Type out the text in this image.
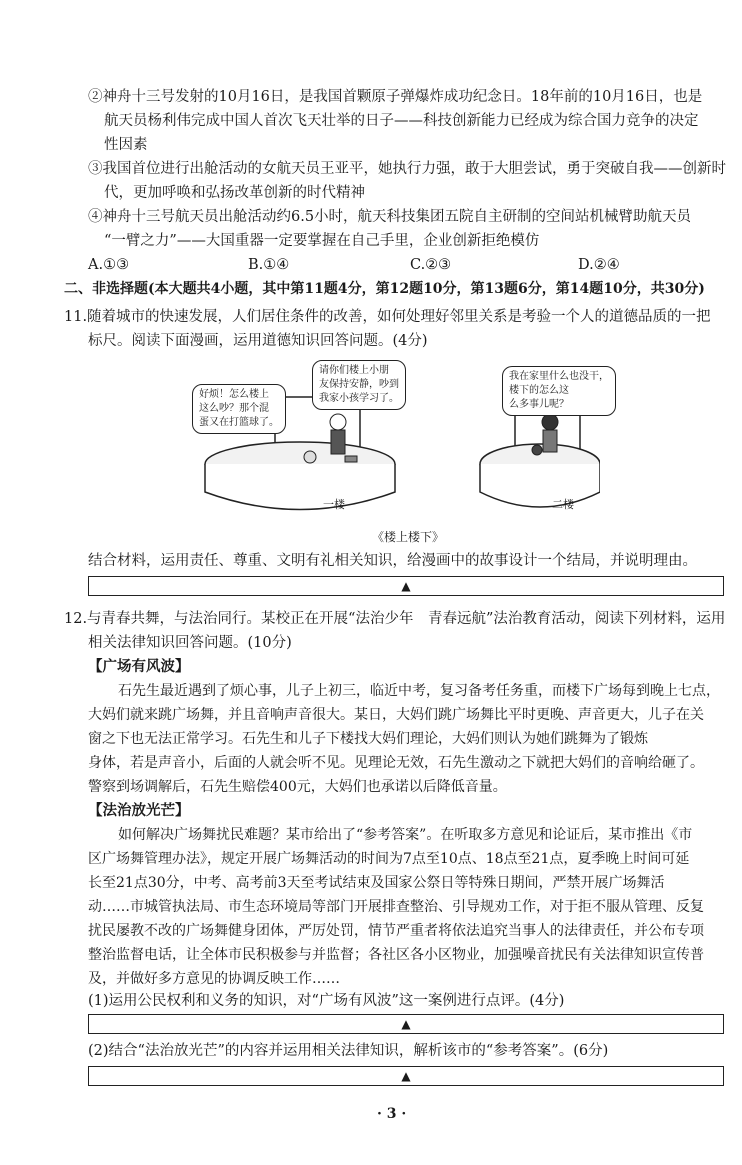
②神舟十三号发射的10月16日，是我国首颗原子弹爆炸成功纪念日。18年前的10月16日，也是
航天员杨利伟完成中国人首次飞天壮举的日子——科技创新能力已经成为综合国力竞争的决定
性因素
③我国首位进行出舱活动的女航天员王亚平，她执行力强，敢于大胆尝试，勇于突破自我——创新时
代，更加呼唤和弘扬改革创新的时代精神
④神舟十三号航天员出舱活动约6.5小时，航天科技集团五院自主研制的空间站机械臂助航天员
“一臂之力”——大国重器一定要掌握在自己手里，企业创新拒绝模仿
A.①③	B.①④	C.②③	D.②④
二、非选择题(本大题共4小题，其中第11题4分，第12题10分，第13题6分，第14题10分，共30分)
11.随着城市的快速发展，人们居住条件的改善，如何处理好邻里关系是考验一个人的道德品质的一把
标尺。阅读下面漫画，运用道德知识回答问题。(4分)
好烦！怎么楼上
这么吵？那个混
蛋又在打篮球了。
请你们楼上小朋
友保持安静，吵到
我家小孩学习了。
我在家里什么也没干，
楼下的怎么这
么多事儿呢？
一楼	二楼
《楼上楼下》
结合材料，运用责任、尊重、文明有礼相关知识，给漫画中的故事设计一个结局，并说明理由。
▲
12.与青春共舞，与法治同行。某校正在开展“法治少年　青春远航”法治教育活动，阅读下列材料，运用
相关法律知识回答问题。(10分)
【广场有风波】
石先生最近遇到了烦心事，儿子上初三，临近中考，复习备考任务重，而楼下广场每到晚上七点，
大妈们就来跳广场舞，并且音响声音很大。某日，大妈们跳广场舞比平时更晚、声音更大，儿子在关
窗之下也无法正常学习。石先生和儿子下楼找大妈们理论，大妈们则认为她们跳舞为了锻炼
身体，若是声音小，后面的人就会听不见。见理论无效，石先生激动之下就把大妈们的音响给砸了。
警察到场调解后，石先生赔偿400元，大妈们也承诺以后降低音量。
【法治放光芒】
如何解决广场舞扰民难题？某市给出了“参考答案”。在听取多方意见和论证后，某市推出《市
区广场舞管理办法》，规定开展广场舞活动的时间为7点至10点、18点至21点，夏季晚上时间可延
长至21点30分，中考、高考前3天至考试结束及国家公祭日等特殊日期间，严禁开展广场舞活
动……市城管执法局、市生态环境局等部门开展排查整治、引导规劝工作，对于拒不服从管理、反复
扰民屡教不改的广场舞健身团体，严厉处罚，情节严重者将依法追究当事人的法律责任，并公布专项
整治监督电话，让全体市民积极参与并监督；各社区各小区物业，加强噪音扰民有关法律知识宣传普
及，并做好多方意见的协调反映工作……
(1)运用公民权利和义务的知识，对“广场有风波”这一案例进行点评。(4分)
▲
(2)结合“法治放光芒”的内容并运用相关法律知识，解析该市的“参考答案”。(6分)
▲
· 3 ·
